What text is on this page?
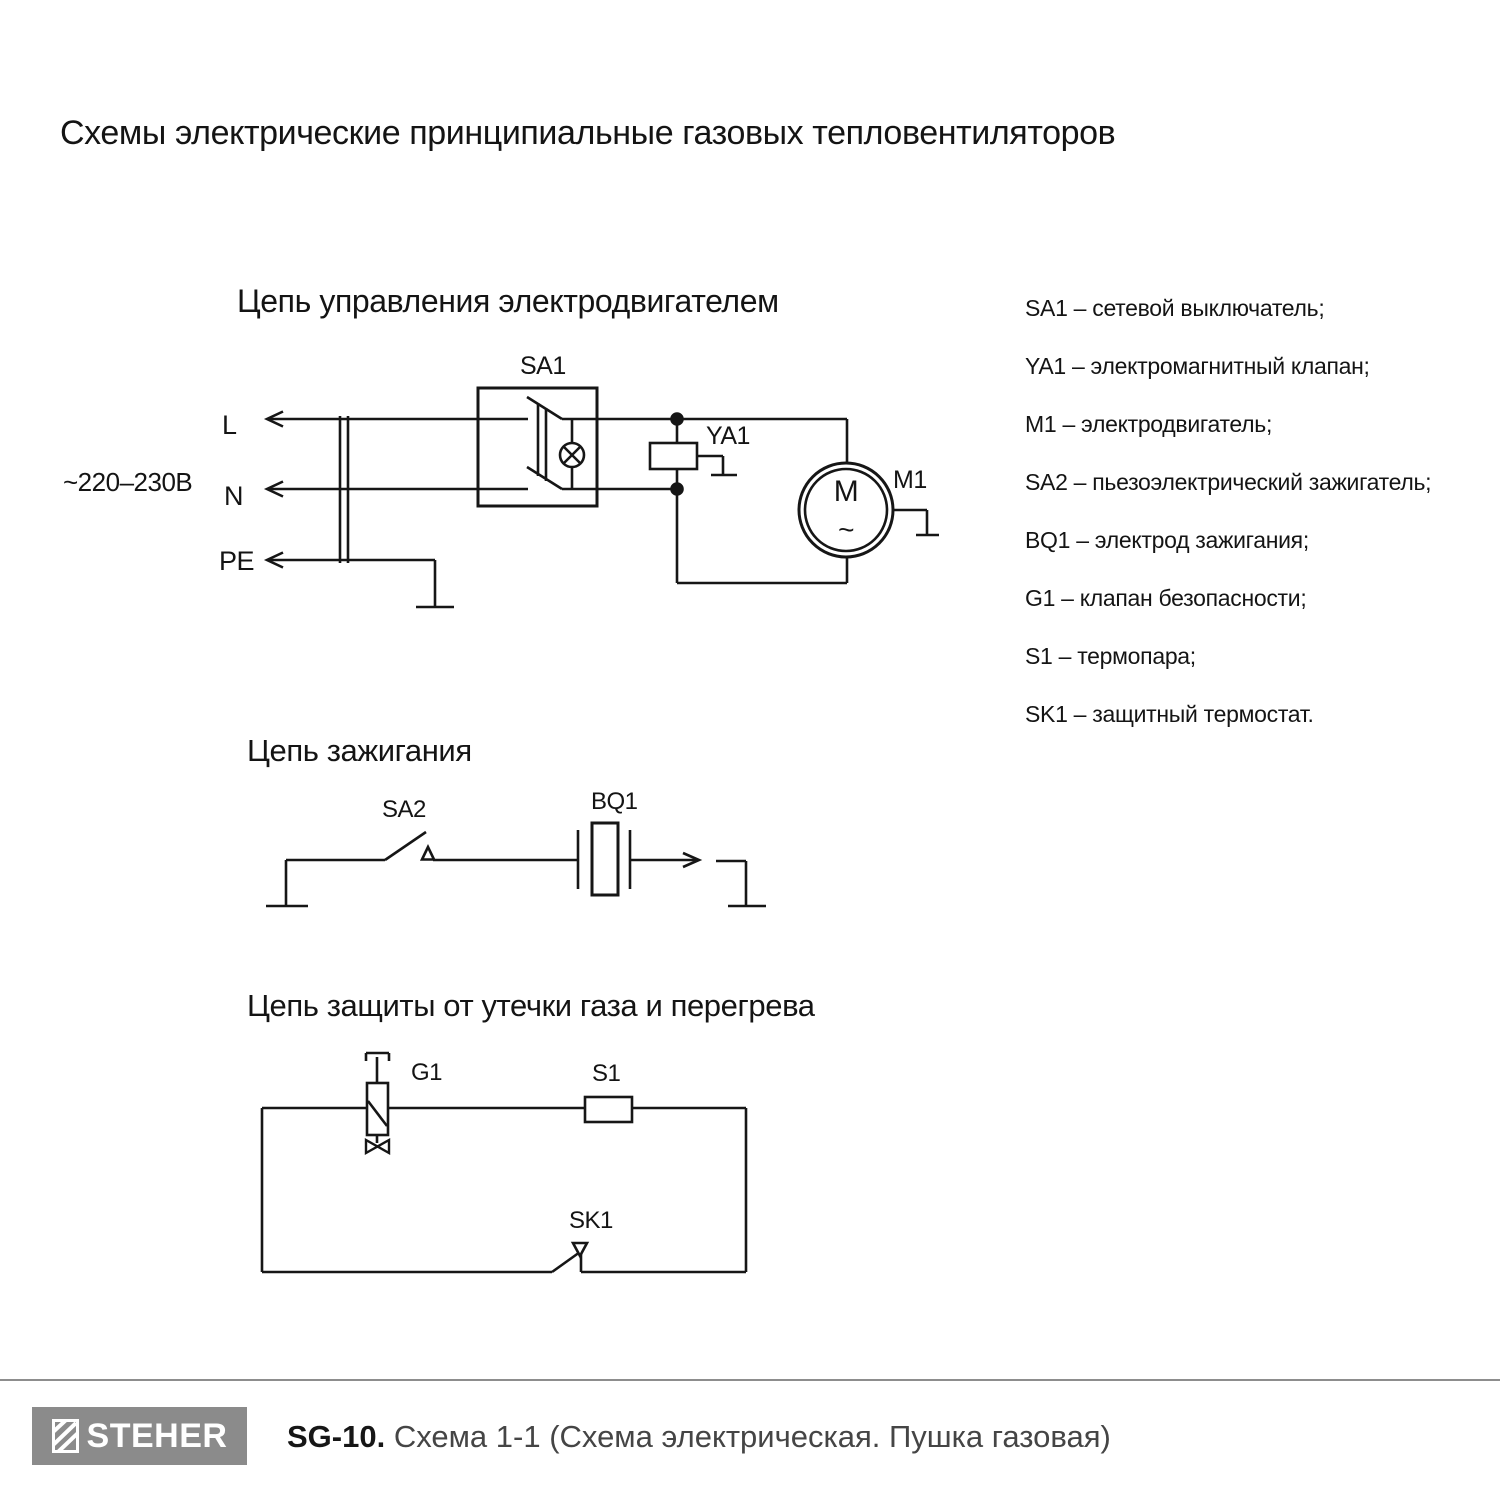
Схемы электрические принципиальные газовых тепловентиляторов
Цепь управления электродвигателем
Цепь зажигания
Цепь защиты от утечки газа и перегрева
SA1 – сетевой выключатель;
YA1 – электромагнитный клапан;
M1 – электродвигатель;
SA2 – пьезоэлектрический зажигатель;
BQ1 – электрод зажигания;
G1 – клапан безопасности;
S1 – термопара;
SK1 – защитный термостат.
~220–230В
L
N
PE
SA1
YA1
M1
M
~
SA2	BQ1
G1	S1
SK1
STEHER SG-10. Схема 1-1 (Схема электрическая. Пушка газовая)
